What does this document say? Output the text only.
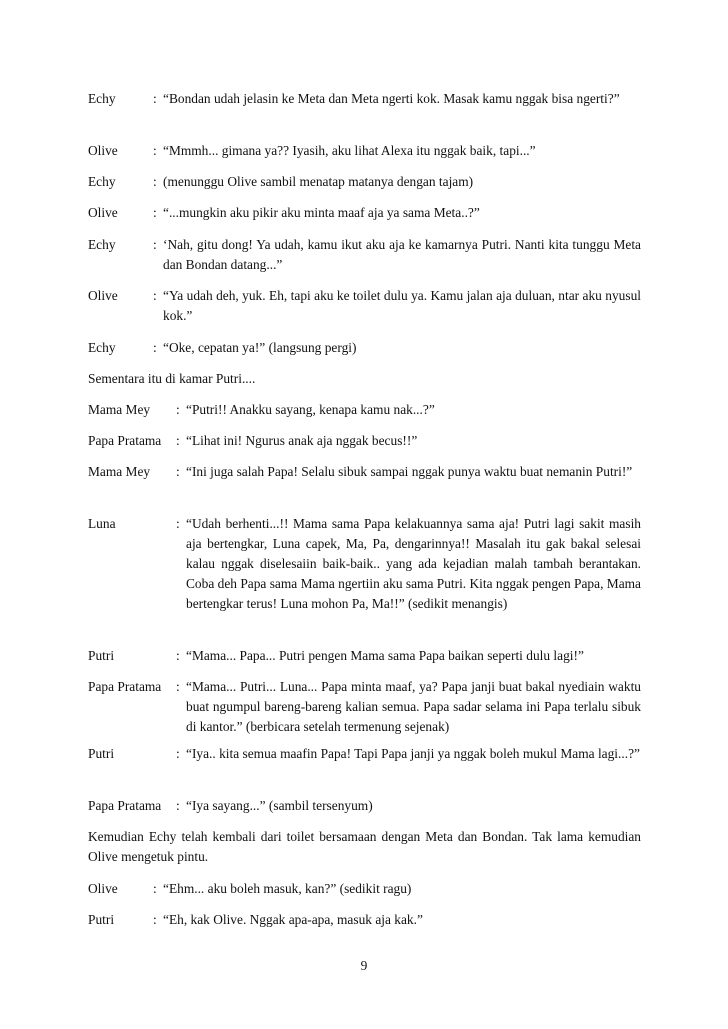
Echy	: “Bondan udah jelasin ke Meta dan Meta ngerti kok. Masak kamu nggak bisa ngerti?”
Olive	: “Mmmh... gimana ya?? Iyasih, aku lihat Alexa itu nggak baik, tapi...”
Echy	: (menunggu Olive sambil menatap matanya dengan tajam)
Olive	: “...mungkin aku pikir aku minta maaf aja ya sama Meta..?”
Echy	: ‘Nah, gitu dong! Ya udah, kamu ikut aku aja ke kamarnya Putri. Nanti kita tunggu Meta dan Bondan datang...”
Olive	: “Ya udah deh, yuk. Eh, tapi aku ke toilet dulu ya. Kamu jalan aja duluan, ntar aku nyusul kok.”
Echy	: “Oke, cepatan ya!” (langsung pergi)
Sementara itu di kamar Putri....
Mama Mey : “Putri!! Anakku sayang, kenapa kamu nak...?”
Papa Pratama : “Lihat ini! Ngurus anak aja nggak becus!!”
Mama Mey : “Ini juga salah Papa! Selalu sibuk sampai nggak punya waktu buat nemanin Putri!”
Luna	: “Udah berhenti...!! Mama sama Papa kelakuannya sama aja! Putri lagi sakit masih aja bertengkar, Luna capek, Ma, Pa, dengarinnya!! Masalah itu gak bakal selesai kalau nggak diselesaiin baik-baik.. yang ada kejadian malah tambah berantakan. Coba deh Papa sama Mama ngertiin aku sama Putri. Kita nggak pengen Papa, Mama bertengkar terus! Luna mohon Pa, Ma!!” (sedikit menangis)
Putri	: “Mama... Papa... Putri pengen Mama sama Papa baikan seperti dulu lagi!”
Papa Pratama : “Mama... Putri... Luna... Papa minta maaf, ya? Papa janji buat bakal nyediain waktu buat ngumpul bareng-bareng kalian semua. Papa sadar selama ini Papa terlalu sibuk di kantor.” (berbicara setelah termenung sejenak)
Putri	: “Iya.. kita semua maafin Papa! Tapi Papa janji ya nggak boleh mukul Mama lagi...?”
Papa Pratama : “Iya sayang...” (sambil tersenyum)
Kemudian Echy telah kembali dari toilet bersamaan dengan Meta dan Bondan. Tak lama kemudian Olive mengetuk pintu.
Olive	: “Ehm... aku boleh masuk, kan?” (sedikit ragu)
Putri	: “Eh, kak Olive. Nggak apa-apa, masuk aja kak.”
9
